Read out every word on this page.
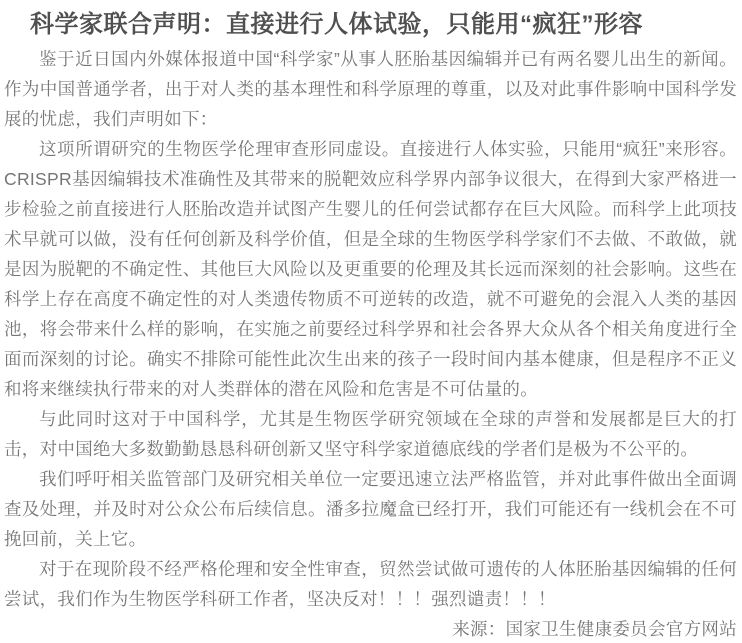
科学家联合声明：直接进行人体试验，只能用“疯狂”形容

鉴于近日国内外媒体报道中国“科学家”从事人胚胎基因编辑并已有两名婴儿出生的新闻。作为中国普通学者，出于对人类的基本理性和科学原理的尊重，以及对此事件影响中国科学发展的忧虑，我们声明如下：

这项所谓研究的生物医学伦理审查形同虚设。直接进行人体实验，只能用“疯狂”来形容。CRISPR基因编辑技术准确性及其带来的脱靶效应科学界内部争议很大，在得到大家严格进一步检验之前直接进行人胚胎改造并试图产生婴儿的任何尝试都存在巨大风险。而科学上此项技术早就可以做，没有任何创新及科学价值，但是全球的生物医学科学家们不去做、不敢做，就是因为脱靶的不确定性、其他巨大风险以及更重要的伦理及其长远而深刻的社会影响。这些在科学上存在高度不确定性的对人类遗传物质不可逆转的改造，就不可避免的会混入人类的基因池，将会带来什么样的影响，在实施之前要经过科学界和社会各界大众从各个相关角度进行全面而深刻的讨论。确实不排除可能性此次生出来的孩子一段时间内基本健康，但是程序不正义和将来继续执行带来的对人类群体的潜在风险和危害是不可估量的。

与此同时这对于中国科学，尤其是生物医学研究领域在全球的声誉和发展都是巨大的打击，对中国绝大多数勤勤恳恳科研创新又坚守科学家道德底线的学者们是极为不公平的。

我们呼吁相关监管部门及研究相关单位一定要迅速立法严格监管，并对此事件做出全面调查及处理，并及时对公众公布后续信息。潘多拉魔盒已经打开，我们可能还有一线机会在不可挽回前，关上它。

对于在现阶段不经严格伦理和安全性审查，贸然尝试做可遗传的人体胚胎基因编辑的任何尝试，我们作为生物医学科研工作者，坚决反对！！！强烈谴责！！！

来源：国家卫生健康委员会官方网站
